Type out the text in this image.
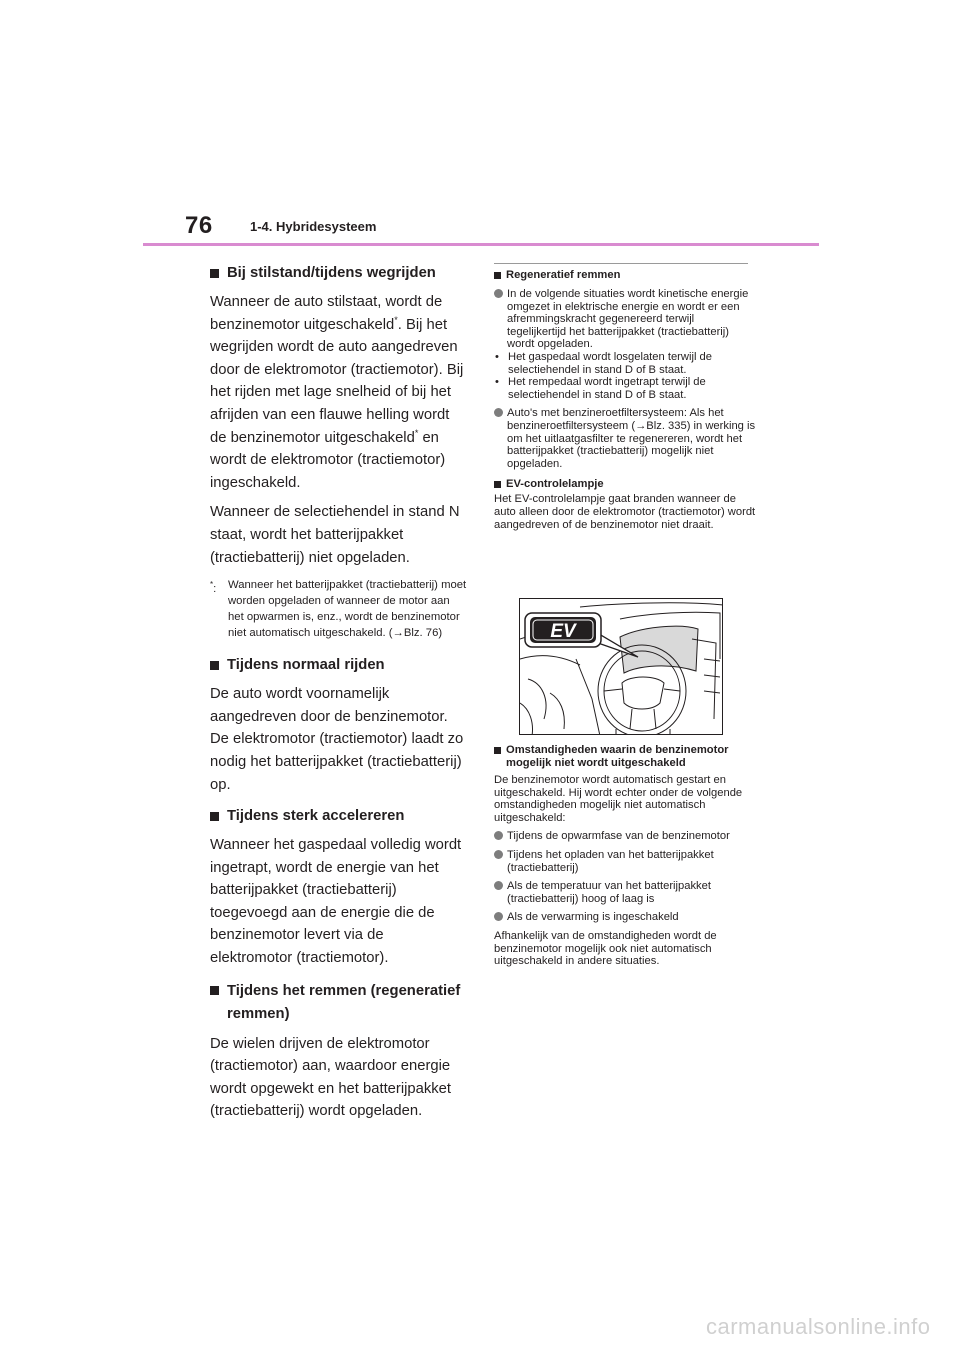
76	1-4. Hybridesysteem
Bij stilstand/tijdens wegrijden

Wanneer de auto stilstaat, wordt de benzinemotor uitgeschakeld*. Bij het wegrijden wordt de auto aangedreven door de elektromotor (tractiemotor). Bij het rijden met lage snelheid of bij het afrijden van een flauwe helling wordt de benzinemotor uitgeschakeld* en wordt de elektromotor (tractiemotor) ingeschakeld.

Wanneer de selectiehendel in stand N staat, wordt het batterijpakket (tractiebatterij) niet opgeladen.

*:	Wanneer het batterijpakket (tractiebatterij) moet worden opgeladen of wanneer de motor aan het opwarmen is, enz., wordt de benzinemotor niet automatisch uitgeschakeld. (→Blz. 76)
Tijdens normaal rijden

De auto wordt voornamelijk aangedreven door de benzinemotor. De elektromotor (tractiemotor) laadt zo nodig het batterijpakket (tractiebatterij) op.

Tijdens sterk accelereren

Wanneer het gaspedaal volledig wordt ingetrapt, wordt de energie van het batterijpakket (tractiebatterij) toegevoegd aan de energie die de benzinemotor levert via de elektromotor (tractiemotor).

Tijdens het remmen (regeneratief remmen)

De wielen drijven de elektromotor (tractiemotor) aan, waardoor energie wordt opgewekt en het batterijpakket (tractiebatterij) wordt opgeladen.

Regeneratief remmen
In de volgende situaties wordt kinetische energie omgezet in elektrische energie en wordt er een afremmingskracht gegenereerd terwijl tegelijkertijd het batterijpakket (tractiebatterij) wordt opgeladen.
• Het gaspedaal wordt losgelaten terwijl de selectiehendel in stand D of B staat.
• Het rempedaal wordt ingetrapt terwijl de selectiehendel in stand D of B staat.
Auto's met benzineroetfiltersysteem: Als het benzineroetfiltersysteem (→Blz. 335) in werking is om het uitlaatgasfilter te regenereren, wordt het batterijpakket (tractiebatterij) mogelijk niet opgeladen.
EV-controlelampje

Het EV-controlelampje gaat branden wanneer de auto alleen door de elektromotor (tractiemotor) wordt aangedreven of de benzinemotor niet draait.

EV
Omstandigheden waarin de benzinemotor mogelijk niet wordt uitgeschakeld

De benzinemotor wordt automatisch gestart en uitgeschakeld. Hij wordt echter onder de volgende omstandigheden mogelijk niet automatisch uitgeschakeld:

Tijdens de opwarmfase van de benzinemotor
Tijdens het opladen van het batterijpakket (tractiebatterij)
Als de temperatuur van het batterijpakket (tractiebatterij) hoog of laag is
Als de verwarming is ingeschakeld

Afhankelijk van de omstandigheden wordt de benzinemotor mogelijk ook niet automatisch uitgeschakeld in andere situaties.

carmanualsonline.info
